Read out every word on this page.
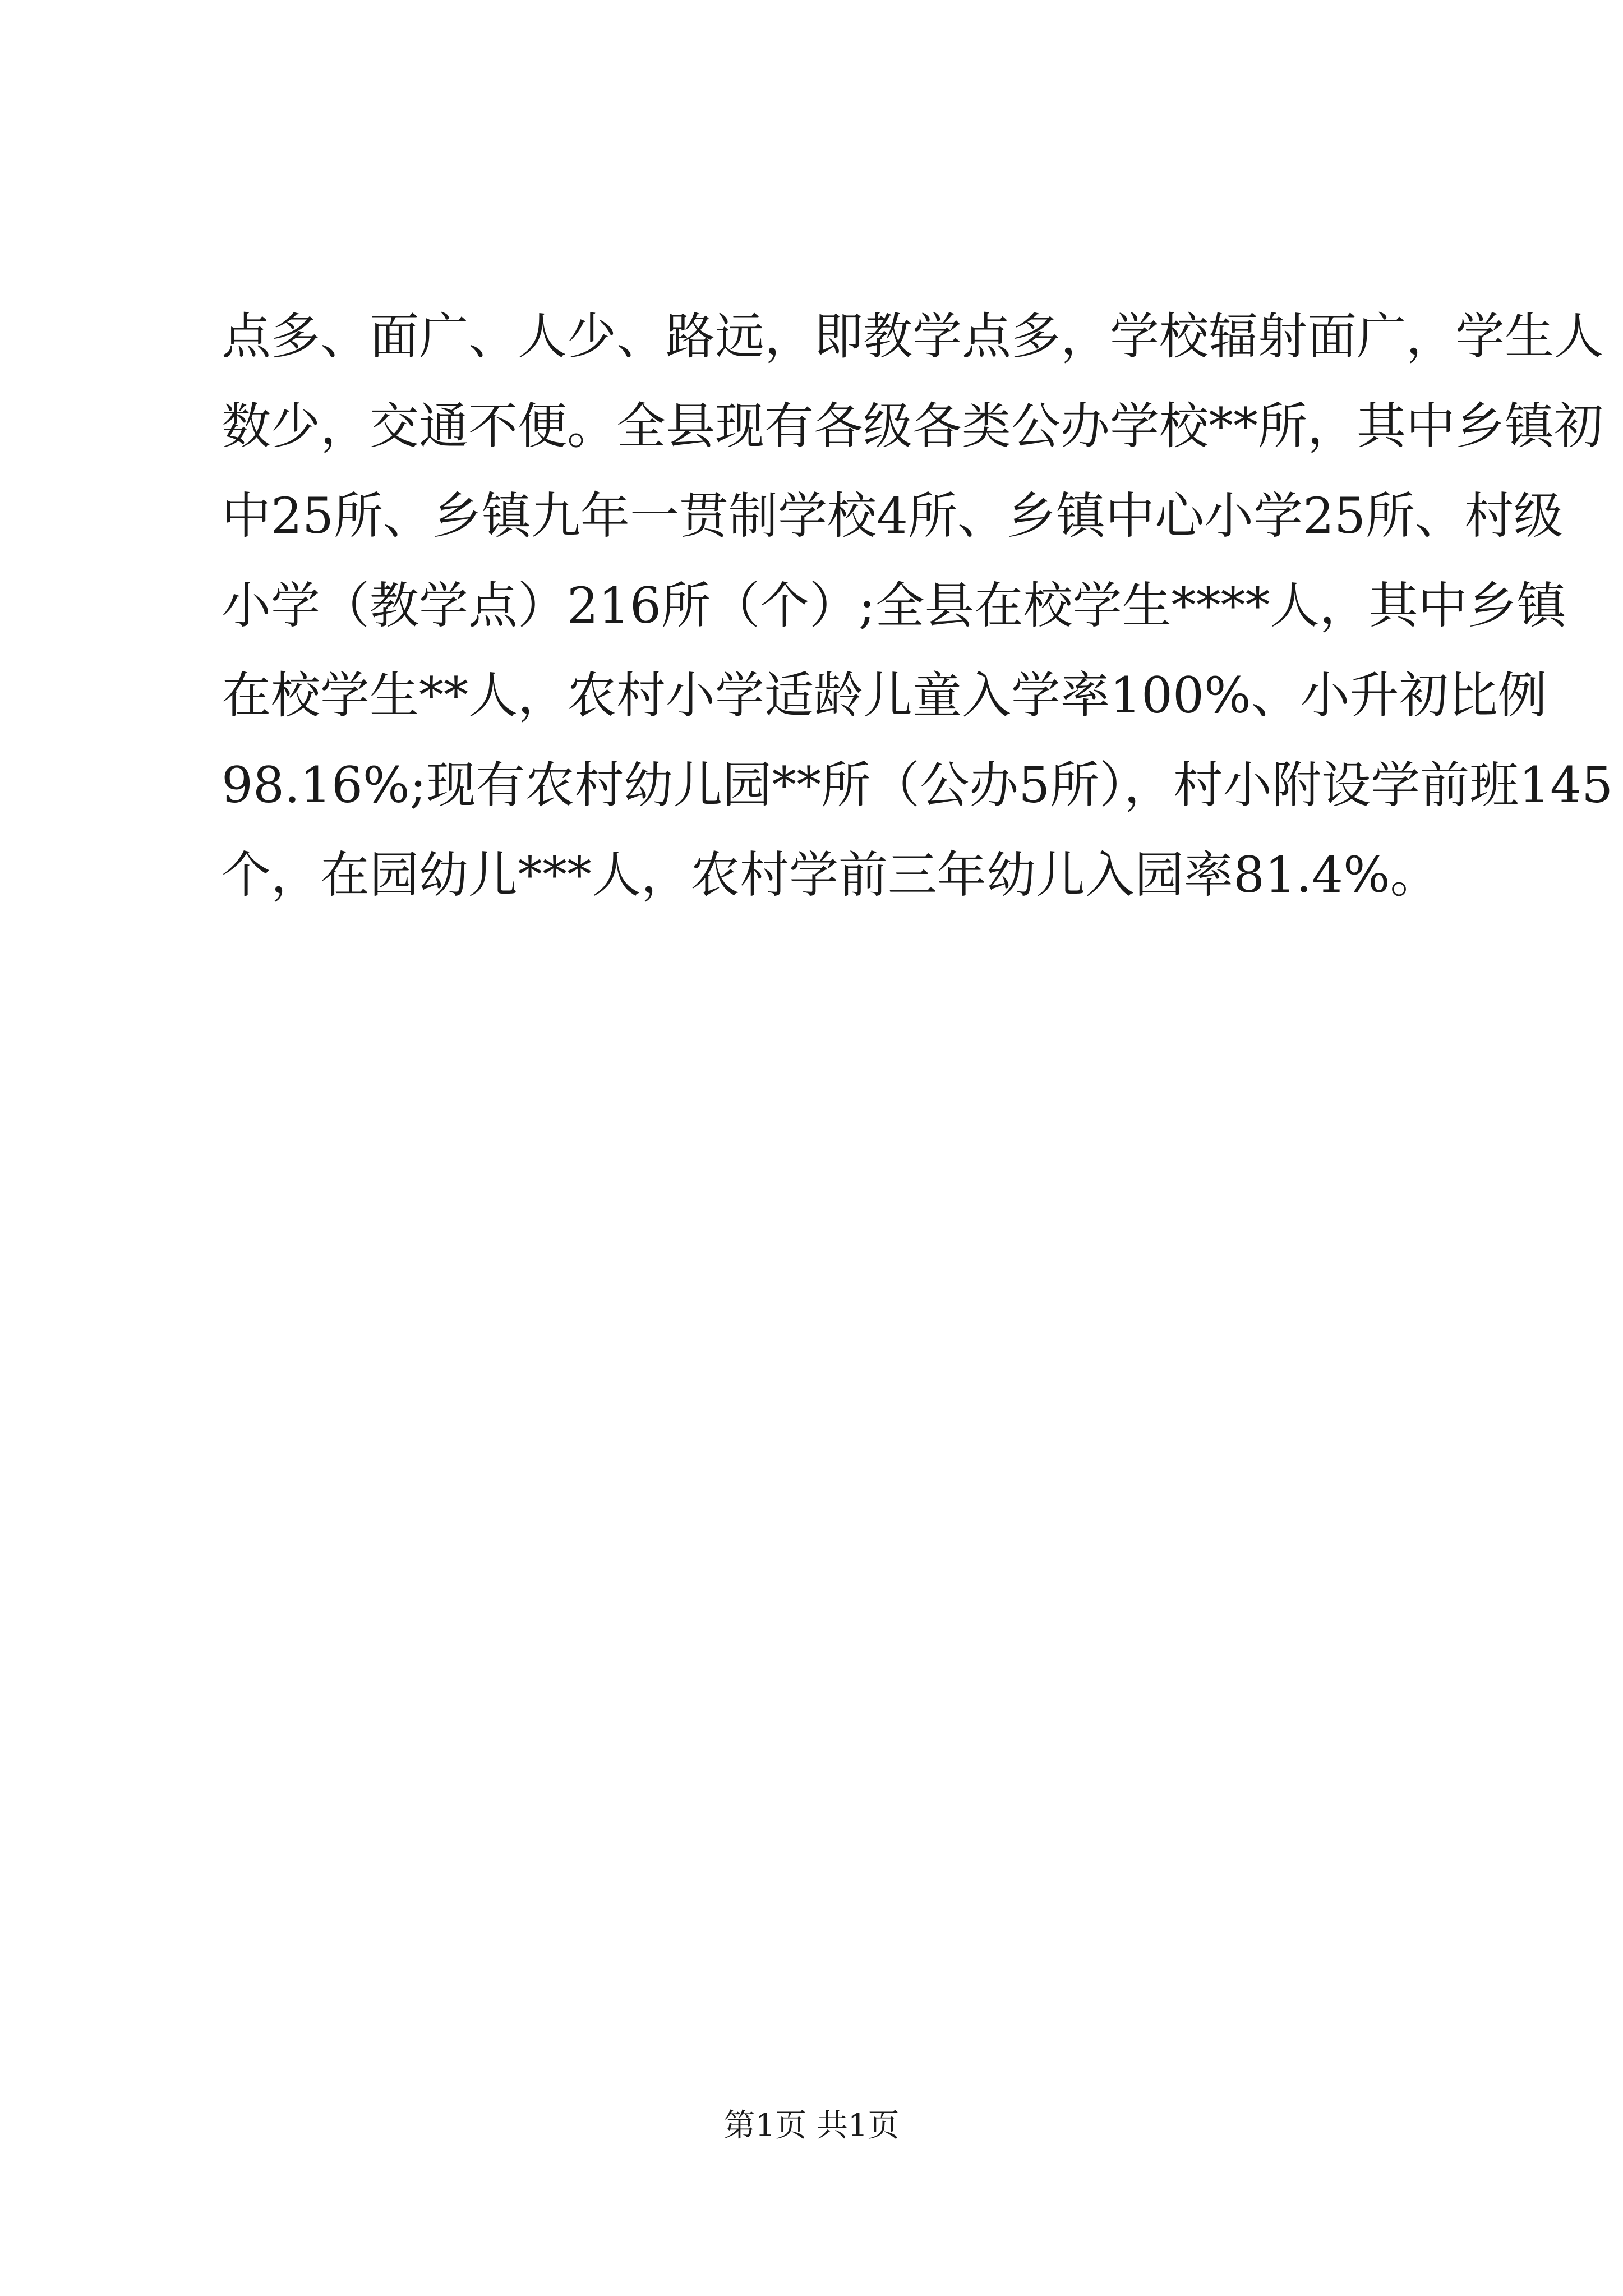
点多、面广、人少、路远，即教学点多，学校辐射面广，学生人
数少，交通不便。全县现有各级各类公办学校**所，其中乡镇初
中25所、乡镇九年一贯制学校4所、乡镇中心小学25所、村级
小学（教学点）216所（个）;全县在校学生****人，其中乡镇
在校学生**人，农村小学适龄儿童入学率100%、小升初比例
98.16%;现有农村幼儿园**所（公办5所），村小附设学前班145
个，在园幼儿***人，农村学前三年幼儿入园率81.4%。
第1页 共1页
